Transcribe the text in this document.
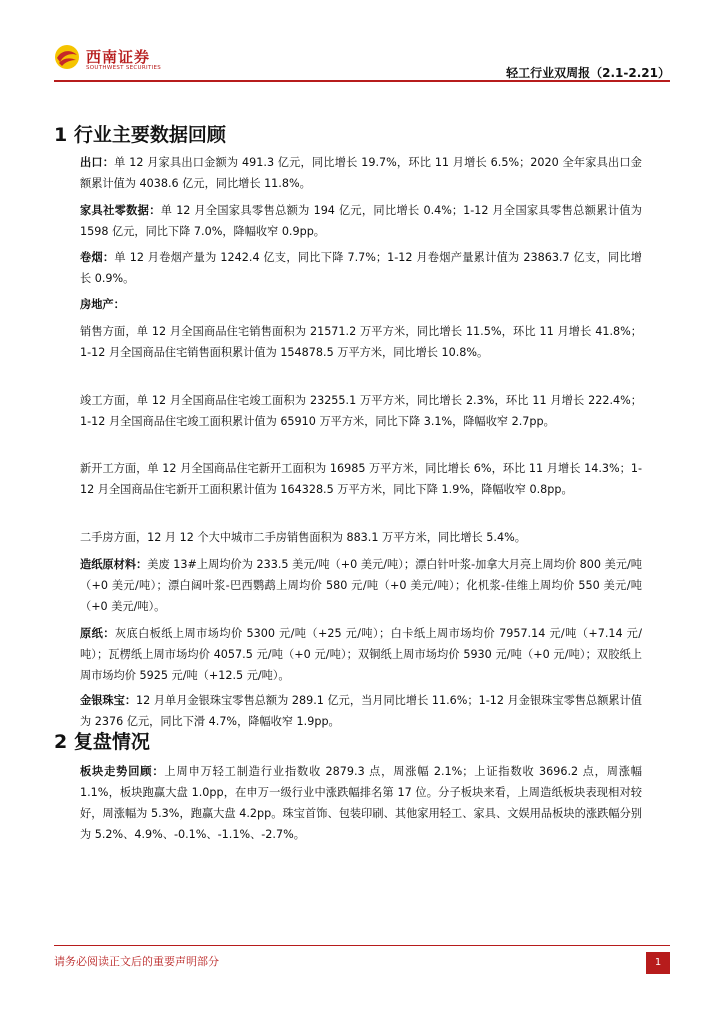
西南证券
SOUTHWEST SECURITIES	轻工行业双周报（2.1-2.21）
1 行业主要数据回顾
出口：单 12 月家具出口金额为 491.3 亿元，同比增长 19.7%，环比 11 月增长 6.5%；2020 全年家具出口金额累计值为 4038.6 亿元，同比增长 11.8%。
家具社零数据：单 12 月全国家具零售总额为 194 亿元，同比增长 0.4%；1-12 月全国家具零售总额累计值为 1598 亿元，同比下降 7.0%，降幅收窄 0.9pp。
卷烟：单 12 月卷烟产量为 1242.4 亿支，同比下降 7.7%；1-12 月卷烟产量累计值为 23863.7 亿支，同比增长 0.9%。
房地产：
销售方面，单 12 月全国商品住宅销售面积为 21571.2 万平方米，同比增长 11.5%，环比 11 月增长 41.8%；1-12 月全国商品住宅销售面积累计值为 154878.5 万平方米，同比增长 10.8%。
竣工方面，单 12 月全国商品住宅竣工面积为 23255.1 万平方米，同比增长 2.3%，环比 11 月增长 222.4%；1-12 月全国商品住宅竣工面积累计值为 65910 万平方米，同比下降 3.1%，降幅收窄 2.7pp。
新开工方面，单 12 月全国商品住宅新开工面积为 16985 万平方米，同比增长 6%，环比 11 月增长 14.3%；1-12 月全国商品住宅新开工面积累计值为 164328.5 万平方米，同比下降 1.9%，降幅收窄 0.8pp。
二手房方面，12 月 12 个大中城市二手房销售面积为 883.1 万平方米，同比增长 5.4%。
造纸原材料：美废 13#上周均价为 233.5 美元/吨（+0 美元/吨）；漂白针叶浆-加拿大月亮上周均价 800 美元/吨（+0 美元/吨）；漂白阔叶浆-巴西鹦鹉上周均价 580 元/吨（+0 美元/吨）；化机浆-佳维上周均价 550 美元/吨（+0 美元/吨）。
原纸：灰底白板纸上周市场均价 5300 元/吨（+25 元/吨）；白卡纸上周市场均价 7957.14 元/吨（+7.14 元/吨）；瓦楞纸上周市场均价 4057.5 元/吨（+0 元/吨）；双铜纸上周市场均价 5930 元/吨（+0 元/吨）；双胶纸上周市场均价 5925 元/吨（+12.5 元/吨）。
金银珠宝：12 月单月金银珠宝零售总额为 289.1 亿元，当月同比增长 11.6%；1-12 月金银珠宝零售总额累计值为 2376 亿元，同比下滑 4.7%，降幅收窄 1.9pp。
2 复盘情况
板块走势回顾：上周申万轻工制造行业指数收 2879.3 点，周涨幅 2.1%；上证指数收 3696.2 点，周涨幅 1.1%，板块跑赢大盘 1.0pp，在申万一级行业中涨跌幅排名第 17 位。分子板块来看，上周造纸板块表现相对较好，周涨幅为 5.3%，跑赢大盘 4.2pp。珠宝首饰、包装印刷、其他家用轻工、家具、文娱用品板块的涨跌幅分别为 5.2%、4.9%、-0.1%、-1.1%、-2.7%。
请务必阅读正文后的重要声明部分	1
